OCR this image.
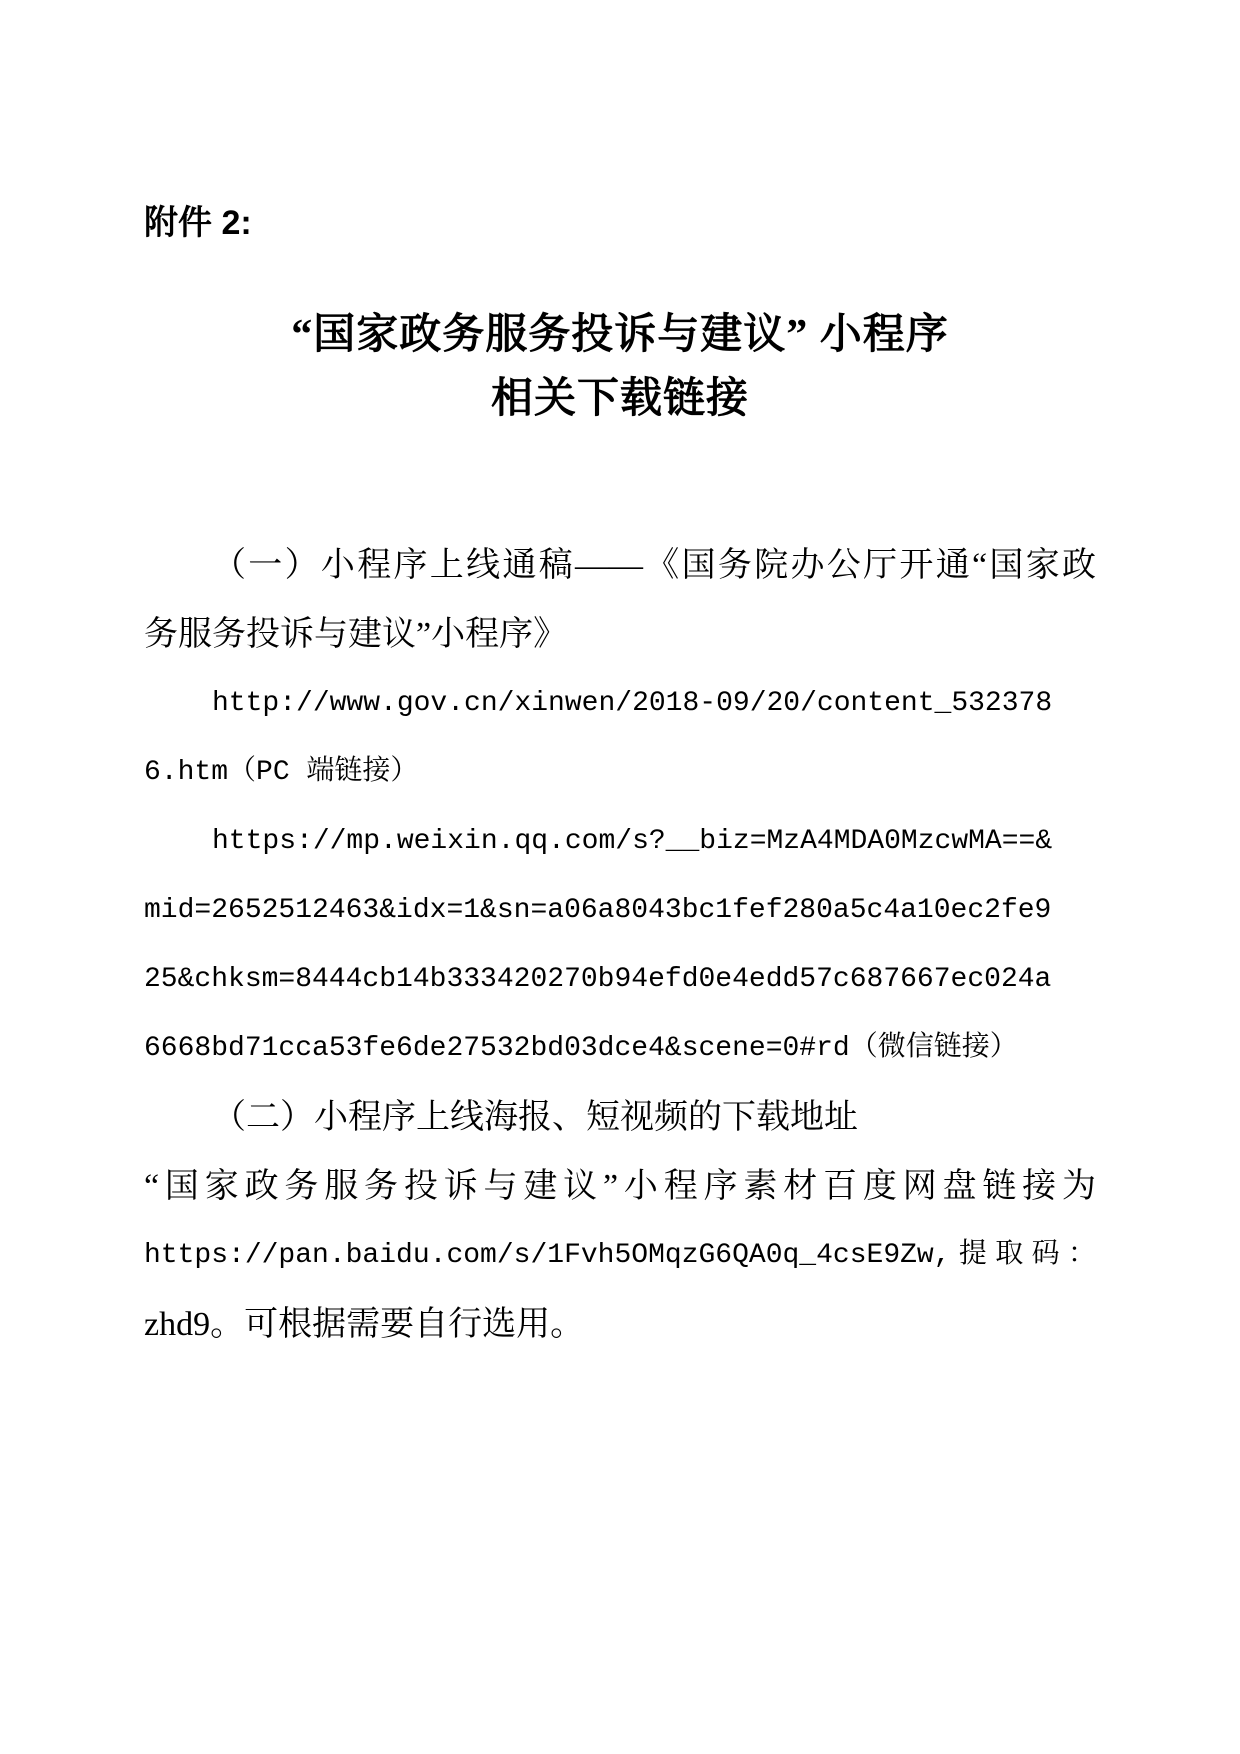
附件 2:
“国家政务服务投诉与建议” 小程序
相关下载链接
（一）小程序上线通稿——《国务院办公厅开通“国家政
务服务投诉与建议”小程序》
http://www.gov.cn/xinwen/2018-09/20/content_532378
6.htm（PC 端链接）
https://mp.weixin.qq.com/s?__biz=MzA4MDA0MzcwMA==&
mid=2652512463&idx=1&sn=a06a8043bc1fef280a5c4a10ec2fe9
25&chksm=8444cb14b333420270b94efd0e4edd57c687667ec024a
6668bd71cca53fe6de27532bd03dce4&scene=0#rd（微信链接）
（二）小程序上线海报、短视频的下载地址
“国家政务服务投诉与建议”小程序素材百度网盘链接为
https://pan.baidu.com/s/1Fvh5OMqzG6QA0q_4csE9Zw,提取码：
zhd9。可根据需要自行选用。
